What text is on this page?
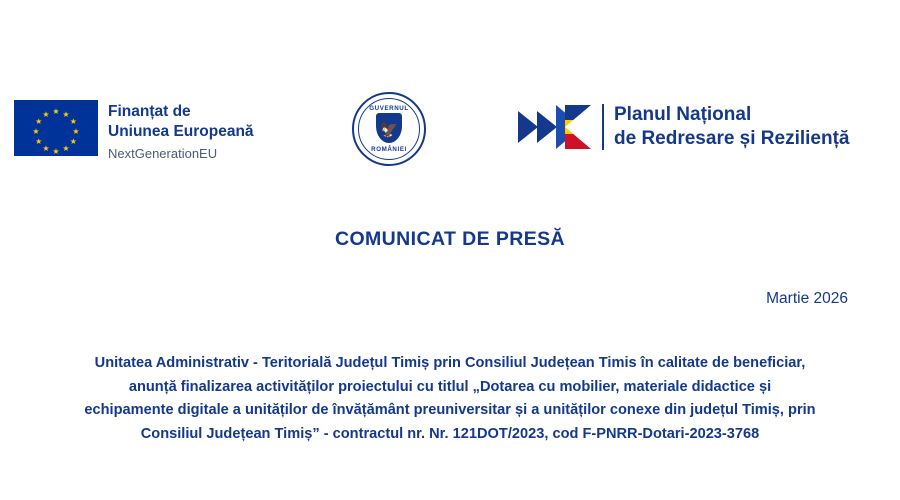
★ ★
★
★
★
★
★
★
★
★
★
★	Finanțat de
Uniunea Europeană
NextGenerationEU
GUVERNUL
🦅
ROMÂNIEI
Planul Național
de Redresare și Reziliență
COMUNICAT DE PRESĂ
Martie 2026
Unitatea Administrativ - Teritorială Județul Timiș prin Consiliul Județean Timis în calitate de beneficiar,
anunță finalizarea activităților proiectului cu titlul „Dotarea cu mobilier, materiale didactice și
echipamente digitale a unităților de învățământ preuniversitar și a unităților conexe din județul Timiș, prin
Consiliul Județean Timiș” - contractul nr. Nr. 121DOT/2023, cod F-PNRR-Dotari-2023-3768
